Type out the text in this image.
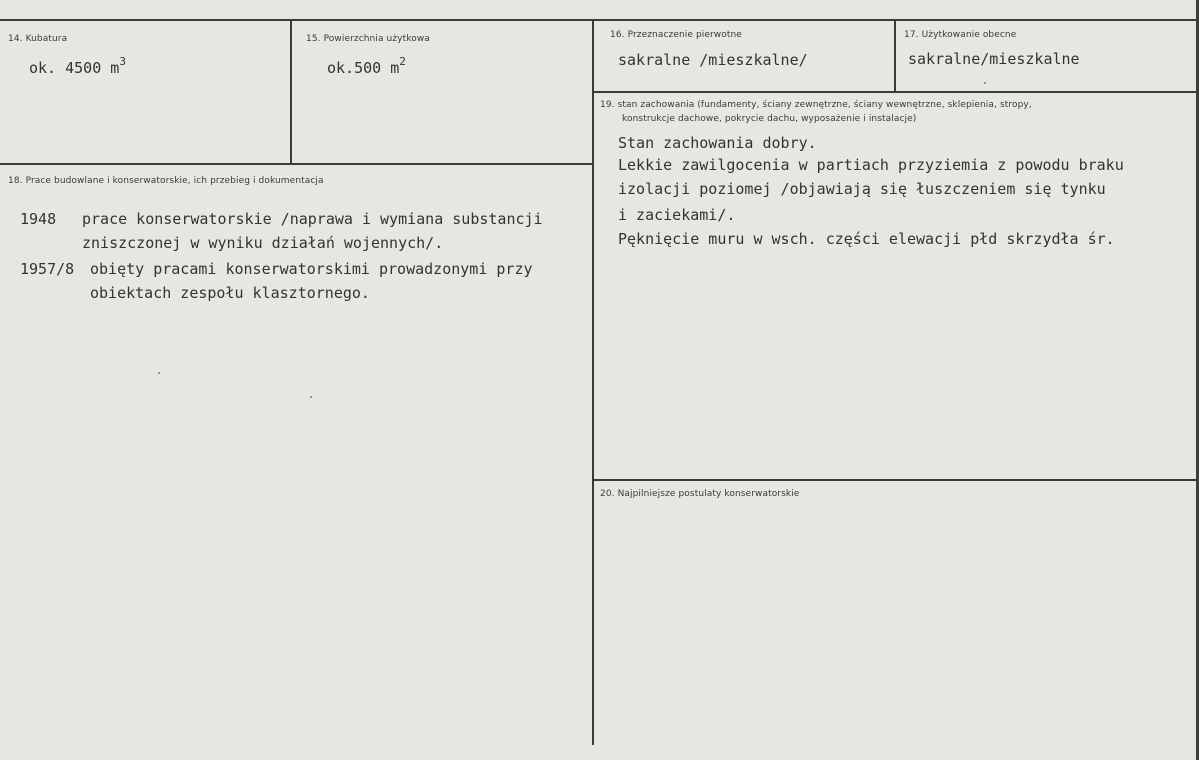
14. Kubatura
ok. 4500 $m^3$
15. Powierzchnia użytkowa
ok.500 $m^2$
16. Przeznaczenie pierwotne
sakralne /mieszkalne/
17. Użytkowanie obecne
sakralne/mieszkalne
18. Prace budowlane i konserwatorskie, ich przebieg i dokumentacja
1948 prace konserwatorskie /naprawa i wymiana substancji
zniszczonej w wyniku działań wojennych/.
1957/8 obięty pracami konserwatorskimi prowadzonymi przy
obiektach zespołu klasztornego.
19. stan zachowania (fundamenty, ściany zewnętrzne, ściany wewnętrzne, sklepienia, stropy,
konstrukcje dachowe, pokrycie dachu, wyposażenie i instalacje)
Stan zachowania dobry.
Lekkie zawilgocenia w partiach przyziemia z powodu braku
izolacji poziomej /objawiają się łuszczeniem się tynku
i zaciekami/.
Pęknięcie muru w wsch. części elewacji płd skrzydła śr.
20. Najpilniejsze postulaty konserwatorskie
